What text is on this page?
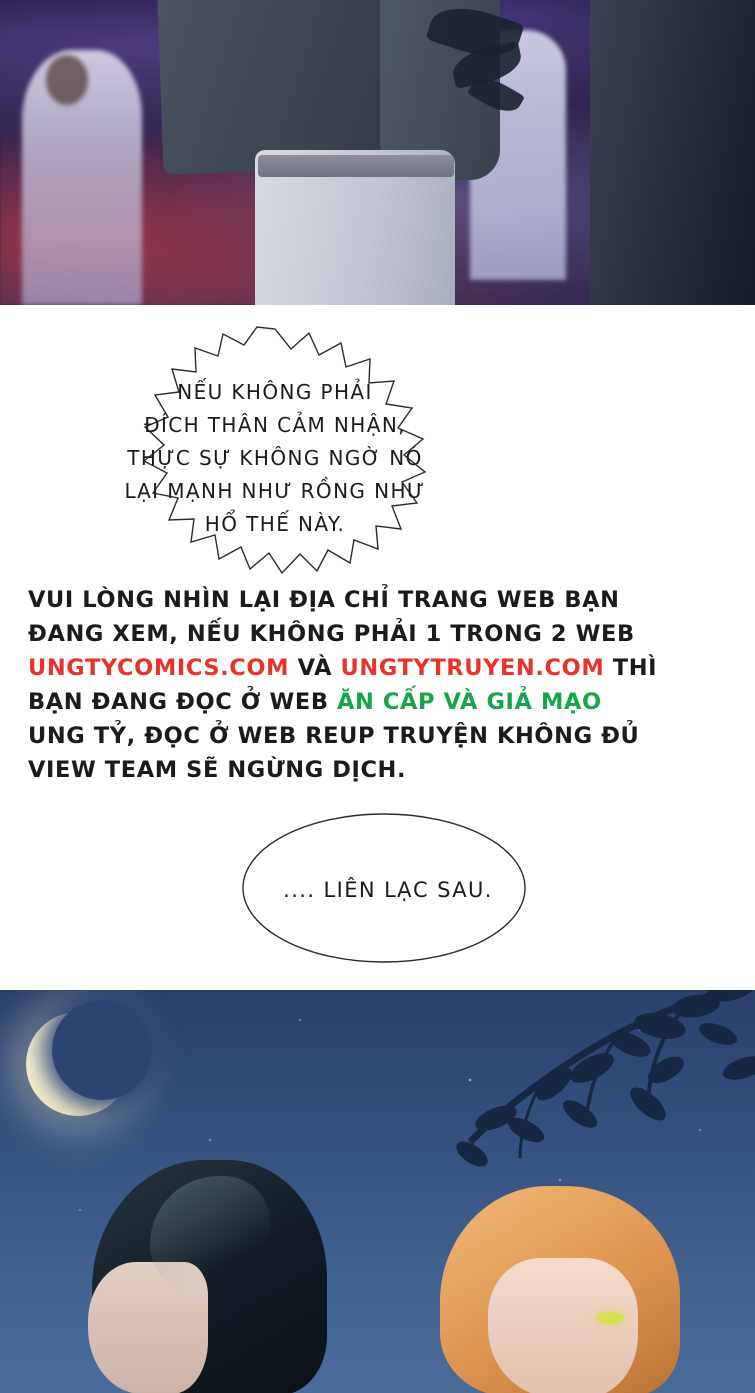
NẾU KHÔNG PHẢI
ĐÍCH THÂN CẢM NHẬN,
THỰC SỰ KHÔNG NGỜ NÓ
LẠI MẠNH NHƯ RỒNG NHƯ
HỔ THẾ NÀY.
VUI LÒNG NHÌN LẠI ĐỊA CHỈ TRANG WEB BẠN
ĐANG XEM, NẾU KHÔNG PHẢI 1 TRONG 2 WEB
UNGTYCOMICS.COM VÀ UNGTYTRUYEN.COM THÌ
BẠN ĐANG ĐỌC Ở WEB ĂN CẤP VÀ GIẢ MẠO
UNG TỶ, ĐỌC Ở WEB REUP TRUYỆN KHÔNG ĐỦ
VIEW TEAM SẼ NGỪNG DỊCH.
.... LIÊN LẠC SAU.
